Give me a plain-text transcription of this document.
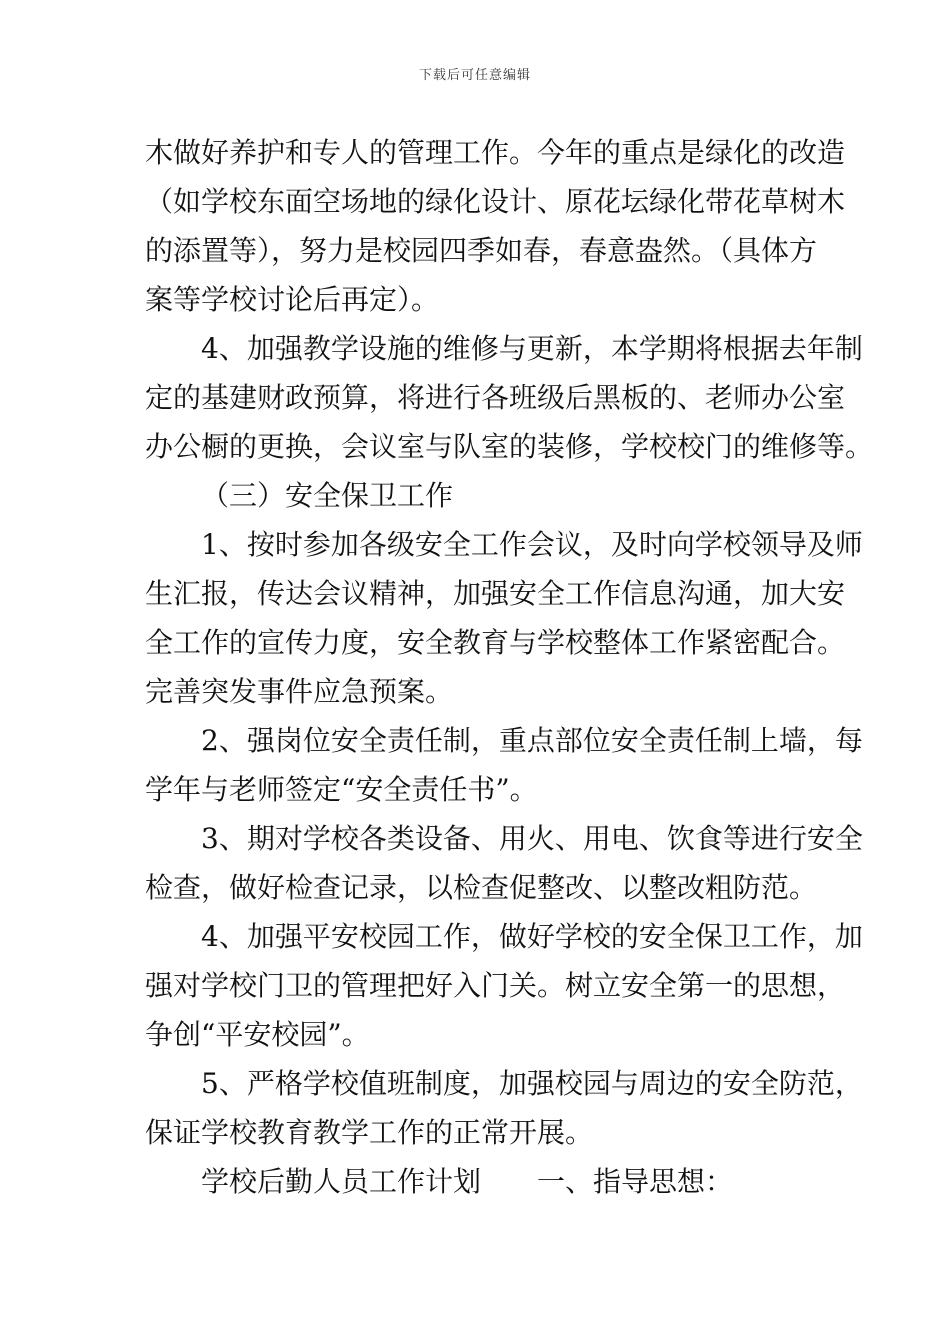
下载后可任意编辑
木做好养护和专人的管理工作。今年的重点是绿化的改造
（如学校东面空场地的绿化设计、原花坛绿化带花草树木
的添置等），努力是校园四季如春，春意盎然。（具体方
案等学校讨论后再定）。
4、加强教学设施的维修与更新，本学期将根据去年制
定的基建财政预算，将进行各班级后黑板的、老师办公室
办公橱的更换，会议室与队室的装修，学校校门的维修等。
（三）安全保卫工作
1、按时参加各级安全工作会议，及时向学校领导及师
生汇报，传达会议精神，加强安全工作信息沟通，加大安
全工作的宣传力度，安全教育与学校整体工作紧密配合。
完善突发事件应急预案。
2、强岗位安全责任制，重点部位安全责任制上墙，每
学年与老师签定“安全责任书”。
3、期对学校各类设备、用火、用电、饮食等进行安全
检查，做好检查记录，以检查促整改、以整改粗防范。
4、加强平安校园工作，做好学校的安全保卫工作，加
强对学校门卫的管理把好入门关。树立安全第一的思想，
争创“平安校园”。
5、严格学校值班制度，加强校园与周边的安全防范，
保证学校教育教学工作的正常开展。
学校后勤人员工作计划　　一、指导思想：
